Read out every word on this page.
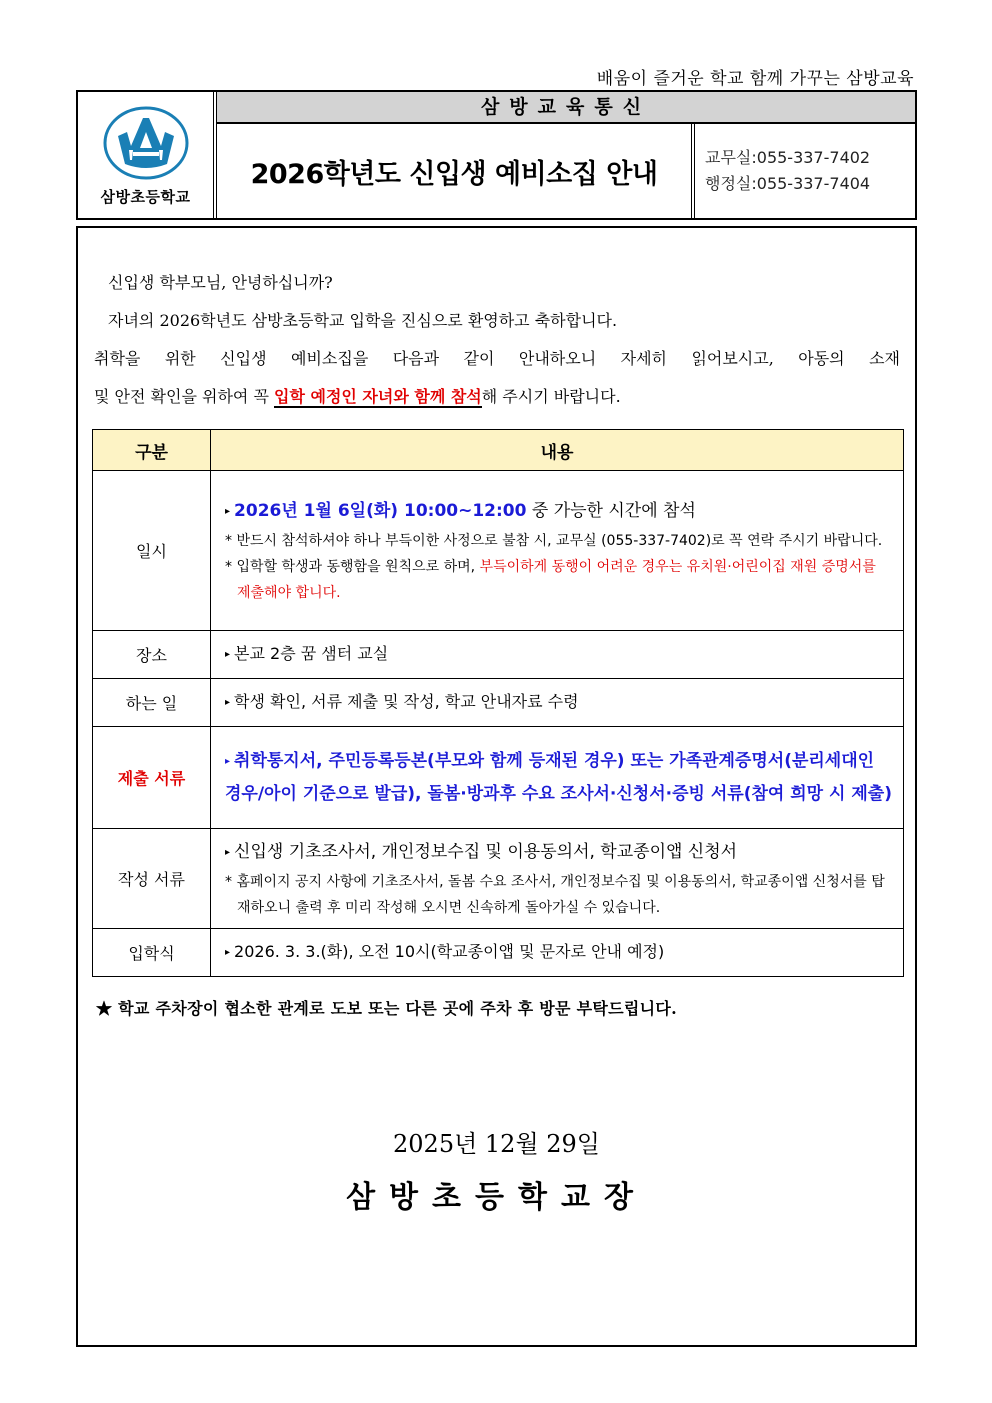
배움이 즐거운 학교 함께 가꾸는 삼방교육
삼방초등학교
삼방교육통신
2026학년도 신입생 예비소집 안내
교무실:055-337-7402
행정실:055-337-7404

신입생 학부모님, 안녕하십니까?

자녀의 2026학년도 삼방초등학교 입학을 진심으로 환영하고 축하합니다.

취학을 위한 신입생 예비소집을 다음과 같이 안내하오니 자세히 읽어보시고, 아동의 소재

및 안전 확인을 위하여 꼭 입학 예정인 자녀와 함께 참석해 주시기 바랍니다.

구분	내용
일시	▸ 2026년 1월 6일(화) 10:00~12:00 중 가능한 시간에 참석
* 반드시 참석하셔야 하나 부득이한 사정으로 불참 시, 교무실 (055-337-7402)로 꼭 연락 주시기 바랍니다.
* 입학할 학생과 동행함을 원칙으로 하며, 부득이하게 동행이 어려운 경우는 유치원·어린이집 재원 증명서를 제출해야 합니다.

장소	▸ 본교 2층 꿈 샘터 교실
하는 일	▸ 학생 확인, 서류 제출 및 작성, 학교 안내자료 수령
제출 서류	▸ 취학통지서, 주민등록등본(부모와 함께 등재된 경우) 또는 가족관계증명서(분리세대인 경우/아이 기준으로 발급), 돌봄·방과후 수요 조사서·신청서·증빙 서류(참여 희망 시 제출)
작성 서류	▸ 신입생 기초조사서, 개인정보수집 및 이용동의서, 학교종이앱 신청서
* 홈페이지 공지 사항에 기초조사서, 돌봄 수요 조사서, 개인정보수집 및 이용동의서, 학교종이앱 신청서를 탑재하오니 출력 후 미리 작성해 오시면 신속하게 돌아가실 수 있습니다.

입학식	▸ 2026. 3. 3.(화), 오전 10시(학교종이앱 및 문자로 안내 예정)
★ 학교 주차장이 협소한 관계로 도보 또는 다른 곳에 주차 후 방문 부탁드립니다.
2025년 12월 29일
삼방초등학교장
